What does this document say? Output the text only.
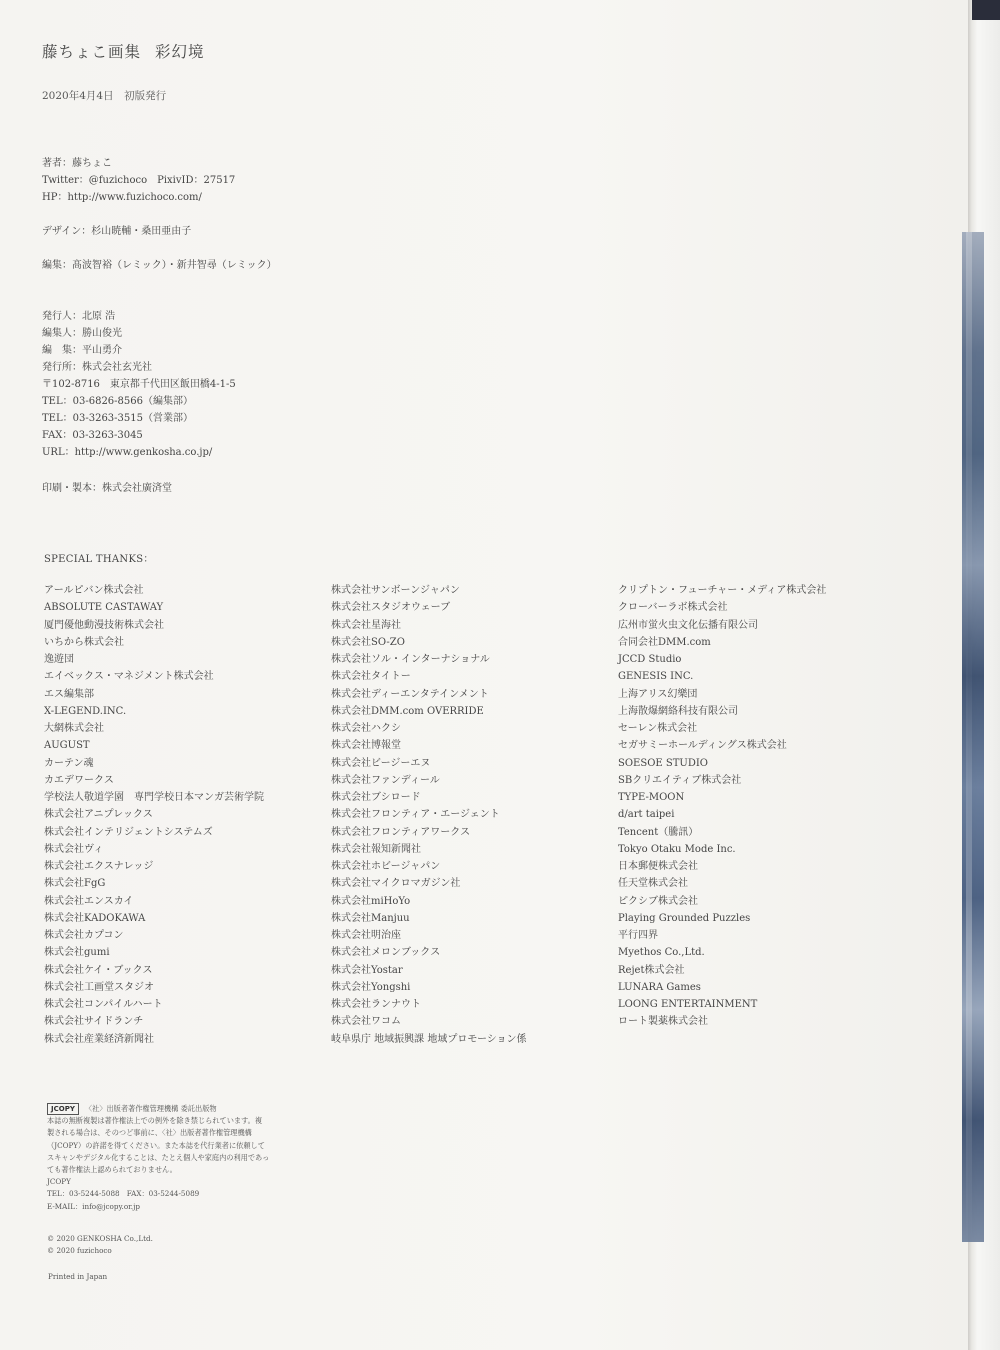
藤ちょこ画集 彩幻境
2020年4月4日　初版発行
著者：藤ちょこ
Twitter：@fuzichoco　PixivID：27517
HP：http://www.fuzichoco.com/
デザイン：杉山暁輔・桑田亜由子
編集：髙波智裕（レミック）・新井智尋（レミック）
発行人：北原 浩
編集人：勝山俊光
編　集：平山勇介
発行所：株式会社玄光社
〒102-8716　東京都千代田区飯田橋4-1-5
TEL：03-6826-8566（編集部）
TEL：03-3263-3515（営業部）
FAX：03-3263-3045
URL：http://www.genkosha.co.jp/
印刷・製本：株式会社廣済堂
SPECIAL THANKS：
アールピバン株式会社
ABSOLUTE CASTAWAY
厦門優他動漫技術株式会社
いちから株式会社
逸遊団
エイベックス・マネジメント株式会社
エス編集部
X-LEGEND.INC.
大網株式会社
AUGUST
カーテン魂
カエデワークス
学校法人敬道学園　専門学校日本マンガ芸術学院
株式会社アニプレックス
株式会社インテリジェントシステムズ
株式会社ヴィ
株式会社エクスナレッジ
株式会社FgG
株式会社エンスカイ
株式会社KADOKAWA
株式会社カプコン
株式会社gumi
株式会社ケイ・ブックス
株式会社工画堂スタジオ
株式会社コンパイルハート
株式会社サイドランチ
株式会社産業経済新聞社
株式会社サンボーンジャパン
株式会社スタジオウェーブ
株式会社星海社
株式会社SO-ZO
株式会社ソル・インターナショナル
株式会社タイトー
株式会社ディーエンタテインメント
株式会社DMM.com OVERRIDE
株式会社ハクシ
株式会社博報堂
株式会社ビージーエヌ
株式会社ファンディール
株式会社ブシロード
株式会社フロンティア・エージェント
株式会社フロンティアワークス
株式会社報知新聞社
株式会社ホビージャパン
株式会社マイクロマガジン社
株式会社miHoYo
株式会社Manjuu
株式会社明治座
株式会社メロンブックス
株式会社Yostar
株式会社Yongshi
株式会社ランナウト
株式会社ワコム
岐阜県庁 地域振興課 地域プロモーション係
クリプトン・フューチャー・メディア株式会社
クローバーラボ株式会社
広州市蛍火虫文化伝播有限公司
合同会社DMM.com
JCCD Studio
GENESIS INC.
上海アリス幻樂団
上海散爆網絡科技有限公司
セーレン株式会社
セガサミーホールディングス株式会社
SOESOE STUDIO
SBクリエイティブ株式会社
TYPE-MOON
d/art taipei
Tencent（騰訊）
Tokyo Otaku Mode Inc.
日本郵便株式会社
任天堂株式会社
ピクシブ株式会社
Playing Grounded Puzzles
平行四界
Myethos Co.,Ltd.
Rejet株式会社
LUNARA Games
LOONG ENTERTAINMENT
ロート製薬株式会社
JCOPY	〈社〉出版者著作権管理機構 委託出版物
本誌の無断複製は著作権法上での例外を除き禁じられています。複
製される場合は、そのつど事前に、〈社〉出版者著作権管理機構
（JCOPY）の許諾を得てください。また本誌を代行業者に依頼して
スキャンやデジタル化することは、たとえ個人や家庭内の利用であっ
ても著作権法上認められておりません。
JCOPY
TEL：03-5244-5088　FAX：03-5244-5089
E-MAIL：info@jcopy.or.jp
© 2020 GENKOSHA Co.,Ltd.
© 2020 fuzichoco
Printed in Japan
